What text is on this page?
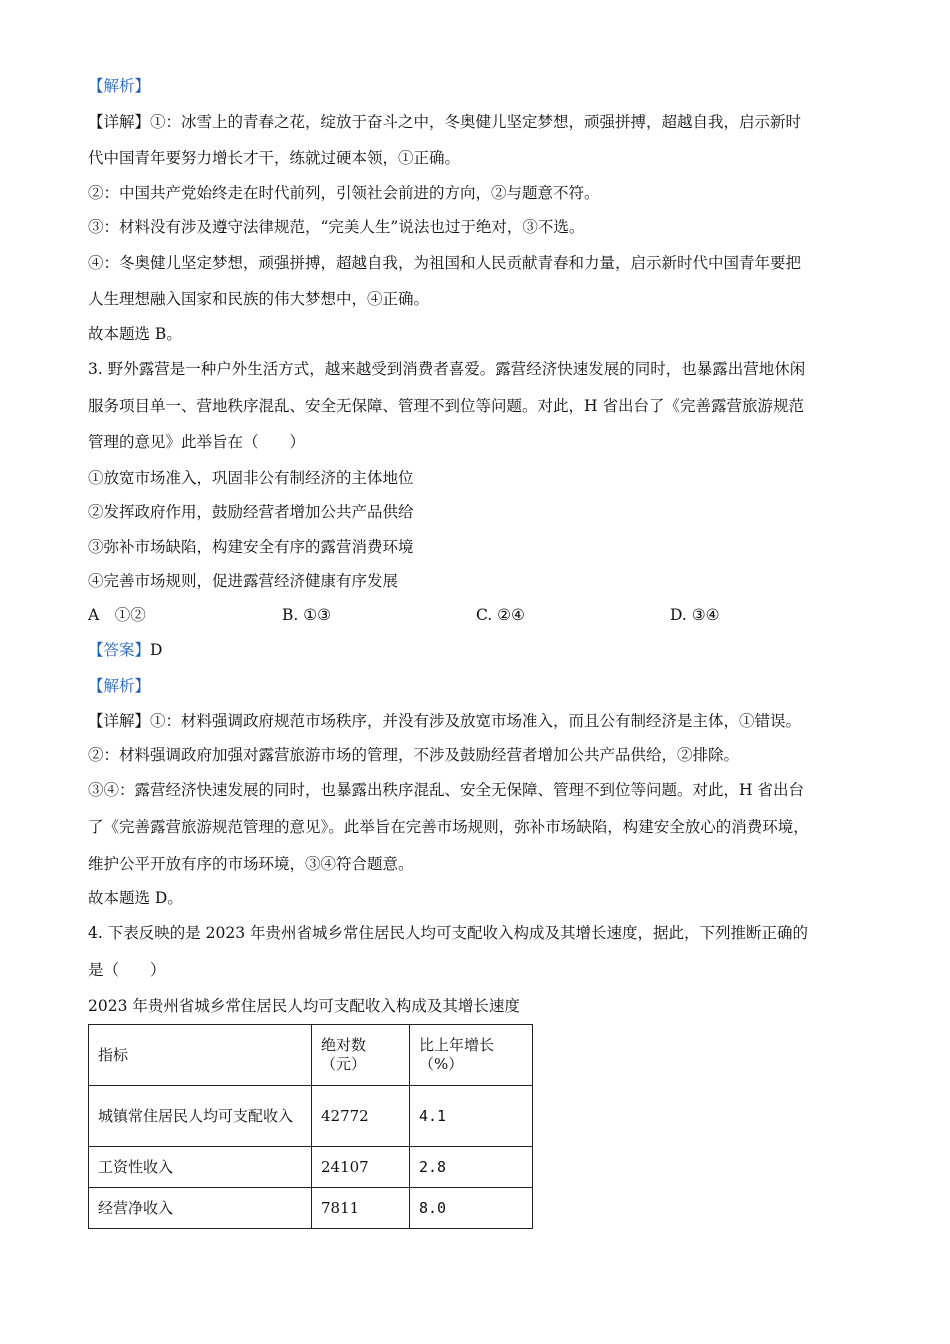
【解析】
【详解】①：冰雪上的青春之花，绽放于奋斗之中，冬奥健儿坚定梦想，顽强拼搏，超越自我，启示新时
代中国青年要努力增长才干，练就过硬本领，①正确。
②：中国共产党始终走在时代前列，引领社会前进的方向，②与题意不符。
③：材料没有涉及遵守法律规范，“完美人生”说法也过于绝对，③不选。
④：冬奥健儿坚定梦想，顽强拼搏，超越自我，为祖国和人民贡献青春和力量，启示新时代中国青年要把
人生理想融入国家和民族的伟大梦想中，④正确。
故本题选 B。
3. 野外露营是一种户外生活方式，越来越受到消费者喜爱。露营经济快速发展的同时，也暴露出营地休闲
服务项目单一、营地秩序混乱、安全无保障、管理不到位等问题。对此，H 省出台了《完善露营旅游规范
管理的意见》此举旨在（　　）
①放宽市场准入，巩固非公有制经济的主体地位
②发挥政府作用，鼓励经营者增加公共产品供给
③弥补市场缺陷，构建安全有序的露营消费环境
④完善市场规则，促进露营经济健康有序发展
A　①②	B. ①③	C. ②④	D. ③④
【答案】D
【解析】
【详解】①：材料强调政府规范市场秩序，并没有涉及放宽市场准入，而且公有制经济是主体，①错误。
②：材料强调政府加强对露营旅游市场的管理，不涉及鼓励经营者增加公共产品供给，②排除。
③④：露营经济快速发展的同时，也暴露出秩序混乱、安全无保障、管理不到位等问题。对此，H 省出台
了《完善露营旅游规范管理的意见》。此举旨在完善市场规则，弥补市场缺陷，构建安全放心的消费环境，
维护公平开放有序的市场环境，③④符合题意。
故本题选 D。
4. 下表反映的是 2023 年贵州省城乡常住居民人均可支配收入构成及其增长速度，据此，下列推断正确的
是（　　）
2023 年贵州省城乡常住居民人均可支配收入构成及其增长速度
指标	绝对数（元）	比上年增长（%）
城镇常住居民人均可支配收入	42772	4.1
工资性收入	24107	2.8
经营净收入	7811	8.0
